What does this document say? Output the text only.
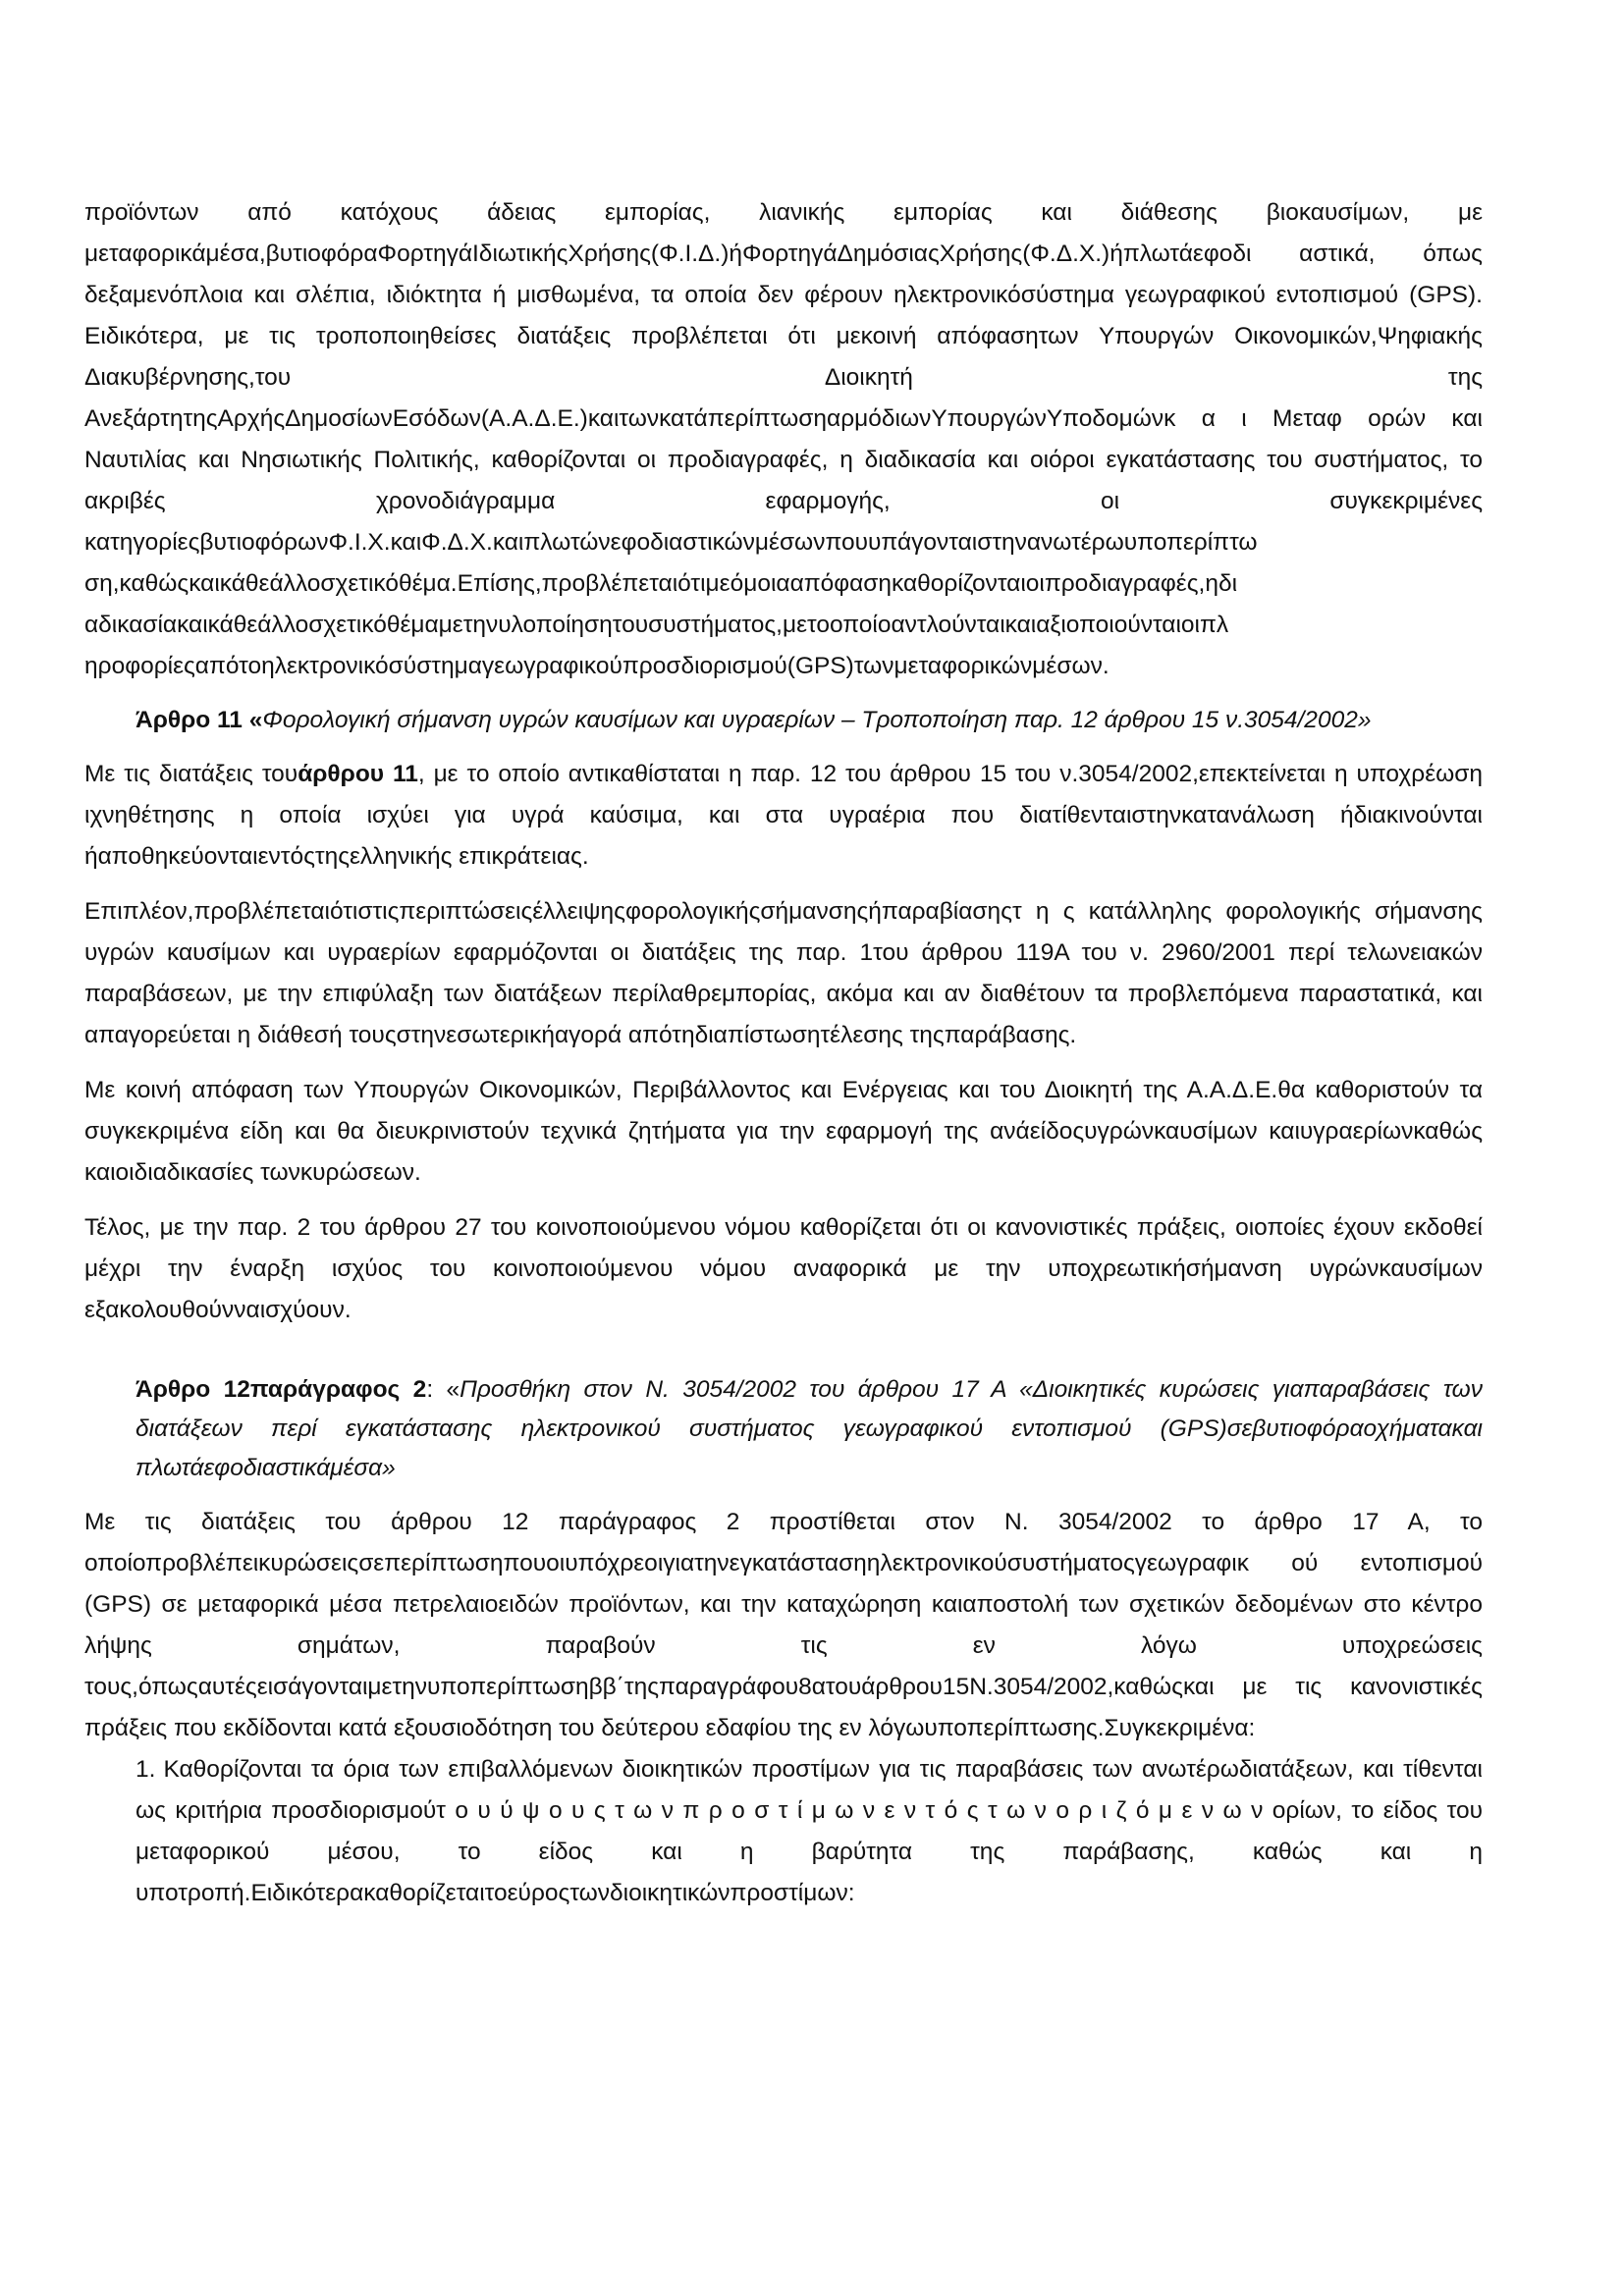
προϊόντων από κατόχους άδειας εμπορίας, λιανικής εμπορίας και διάθεσης βιοκαυσίμων, με μεταφορικάμέσα,βυτιοφόραΦορτηγάΙδιωτικήςΧρήσης(Φ.Ι.Δ.)ήΦορτηγάΔημόσιαςΧρήσης(Φ.Δ.Χ.)ήπλωτάεφοδι αστικά, όπως δεξαμενόπλοια και σλέπια, ιδιόκτητα ή μισθωμένα, τα οποία δεν φέρουν ηλεκτρονικόσύστημα γεωγραφικού εντοπισμού (GPS). Ειδικότερα, με τις τροποποιηθείσες διατάξεις προβλέπεται ότι μεκοινή απόφασητων Υπουργών Οικονομικών,Ψηφιακής Διακυβέρνησης,του Διοικητή της ΑνεξάρτητηςΑρχήςΔημοσίωνΕσόδων(Α.Α.Δ.Ε.)καιτωνκατάπερίπτωσηαρμόδιωνΥπουργώνΥποδομώνκ α ι Μεταφ ορών και Ναυτιλίας και Νησιωτικής Πολιτικής, καθορίζονται οι προδιαγραφές, η διαδικασία και οιόροι εγκατάστασης του συστήματος, το ακριβές χρονοδιάγραμμα εφαρμογής, οι συγκεκριμένες κατηγορίεςβυτιοφόρωνΦ.Ι.Χ.καιΦ.Δ.Χ.καιπλωτώνεφοδιαστικώνμέσωνπουυπάγονταιστηνανωτέρωυποπερίπτω ση,καθώςκαικάθεάλλοσχετικόθέμα.Επίσης,προβλέπεταιότιμεόμοιααπόφασηκαθορίζονταιοιπροδιαγραφές,ηδι αδικασίακαικάθεάλλοσχετικόθέμαμετηνυλοποίησητουσυστήματος,μετοοποίοαντλούνταικαιαξιοποιούνταιοιπλ ηροφορίεςαπότοηλεκτρονικόσύστημαγεωγραφικούπροσδιορισμού(GPS)τωνμεταφορικώνμέσων.

Άρθρο 11 «Φορολογική σήμανση υγρών καυσίμων και υγραερίων – Τροποποίηση παρ. 12 άρθρου 15 ν.3054/2002»

Με τις διατάξεις τουάρθρου 11, με το οποίο αντικαθίσταται η παρ. 12 του άρθρου 15 του ν.3054/2002,επεκτείνεται η υποχρέωση ιχνηθέτησης η οποία ισχύει για υγρά καύσιμα, και στα υγραέρια που διατίθενταιστηνκατανάλωση ήδιακινούνται ήαποθηκεύονταιεντόςτηςελληνικής επικράτειας.

Επιπλέον,προβλέπεταιότιστιςπεριπτώσειςέλλειψηςφορολογικήςσήμανσηςήπαραβίασηςτ η ς κατάλληλης φορολογικής σήμανσης υγρών καυσίμων και υγραερίων εφαρμόζονται οι διατάξεις της παρ. 1του άρθρου 119Α του ν. 2960/2001 περί τελωνειακών παραβάσεων, με την επιφύλαξη των διατάξεων περίλαθρεμπορίας, ακόμα και αν διαθέτουν τα προβλεπόμενα παραστατικά, και απαγορεύεται η διάθεσή τουςστηνεσωτερικήαγορά απότηδιαπίστωσητέλεσης τηςπαράβασης.

Με κοινή απόφαση των Υπουργών Οικονομικών, Περιβάλλοντος και Ενέργειας και του Διοικητή της Α.Α.Δ.Ε.θα καθοριστούν τα συγκεκριμένα είδη και θα διευκρινιστούν τεχνικά ζητήματα για την εφαρμογή της ανάείδοςυγρώνκαυσίμων καιυγραερίωνκαθώς καιοιδιαδικασίες τωνκυρώσεων.

Τέλος, με την παρ. 2 του άρθρου 27 του κοινοποιούμενου νόμου καθορίζεται ότι οι κανονιστικές πράξεις, οιοποίες έχουν εκδοθεί μέχρι την έναρξη ισχύος του κοινοποιούμενου νόμου αναφορικά με την υποχρεωτικήσήμανση υγρώνκαυσίμων εξακολουθούνναισχύουν.

Άρθρο 12παράγραφος 2: «Προσθήκη στον Ν. 3054/2002 του άρθρου 17 Α «Διοικητικές κυρώσεις γιαπαραβάσεις των διατάξεων περί εγκατάστασης ηλεκτρονικού συστήματος γεωγραφικού εντοπισμού (GPS)σεβυτιοφόραοχήματακαι πλωτάεφοδιαστικάμέσα»

Με τις διατάξεις του άρθρου 12 παράγραφος 2 προστίθεται στον Ν. 3054/2002 το άρθρο 17 Α, το οποίοπροβλέπεικυρώσειςσεπερίπτωσηπουοιυπόχρεοιγιατηνεγκατάστασηηλεκτρονικούσυστήματοςγεωγραφικ ού εντοπισμού (GPS) σε μεταφορικά μέσα πετρελαιοειδών προϊόντων, και την καταχώρηση καιαποστολή των σχετικών δεδομένων στο κέντρο λήψης σημάτων, παραβούν τις εν λόγω υποχρεώσεις τους,όπωςαυτέςεισάγονταιμετηνυποπερίπτωσηββ΄τηςπαραγράφου8ατουάρθρου15Ν.3054/2002,καθώςκαι με τις κανονιστικές πράξεις που εκδίδονται κατά εξουσιοδότηση του δεύτερου εδαφίου της εν λόγωυποπερίπτωσης.Συγκεκριμένα:

1. Καθορίζονται τα όρια των επιβαλλόμενων διοικητικών προστίμων για τις παραβάσεις των ανωτέρωδιατάξεων, και τίθενται ως κριτήρια προσδιορισμούτ ο υ ύ ψ ο υ ς τ ω ν π ρ ο σ τ ί μ ω ν ε ν τ ό ς τ ω ν ο ρ ι ζ ό μ ε ν ω ν ορίων, το είδος του μεταφορικού μέσου, το είδος και η βαρύτητα της παράβασης, καθώς και η υποτροπή.Ειδικότερακαθορίζεταιτοεύροςτωνδιοικητικώνπροστίμων:
